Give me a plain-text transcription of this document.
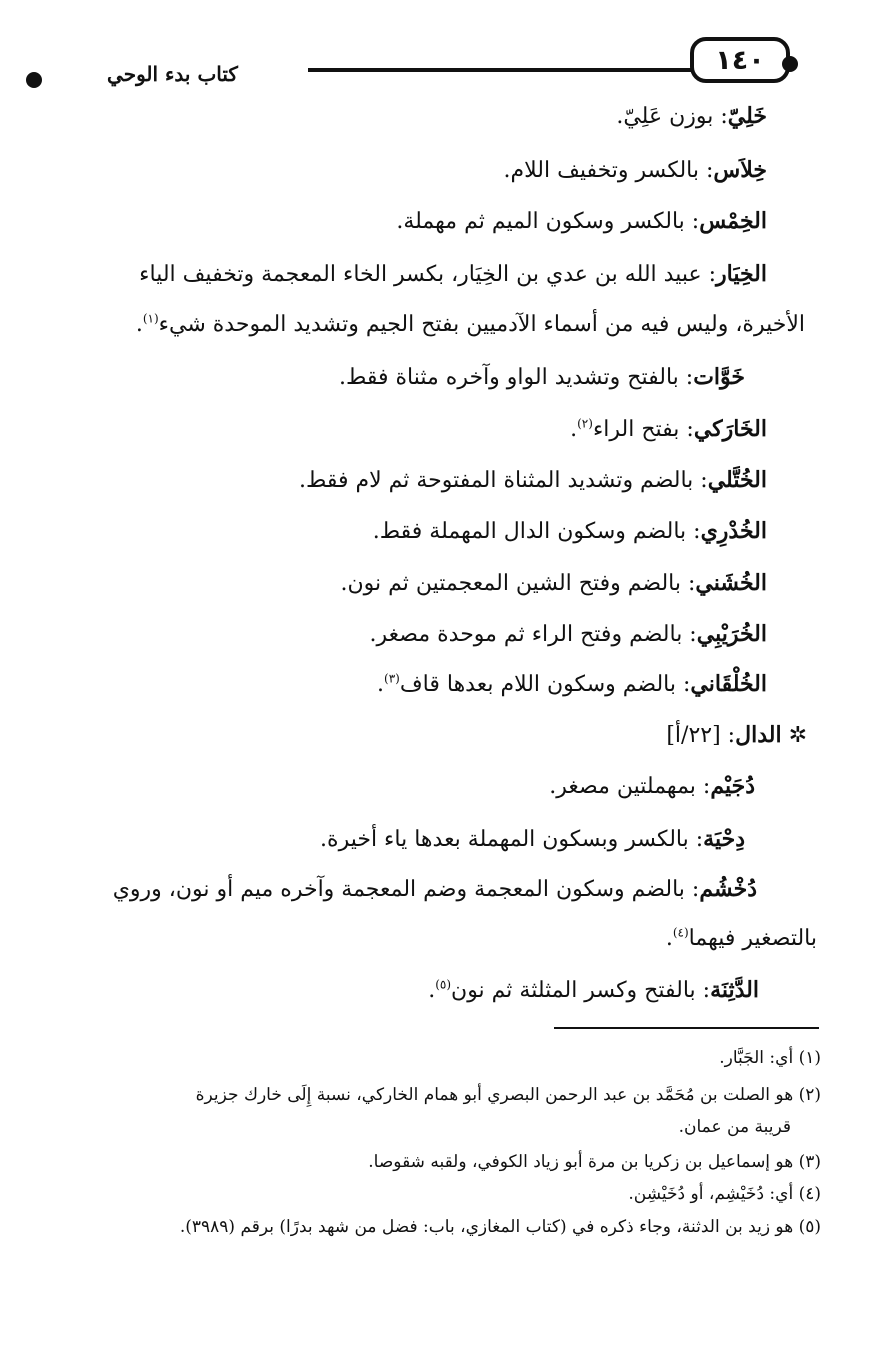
كتاب بدء الوحي	١٤٠
خَلِيّ: بوزن عَلِيّ.
خِلاَس: بالكسر وتخفيف اللام.
الخِمْس: بالكسر وسكون الميم ثم مهملة.
الخِيَار: عبيد الله بن عدي بن الخِيَار، بكسر الخاء المعجمة وتخفيف الياء
الأخيرة، وليس فيه من أسماء الآدميين بفتح الجيم وتشديد الموحدة شيء$^{(١)}$.
خَوَّات: بالفتح وتشديد الواو وآخره مثناة فقط.
الخَارَكي: بفتح الراء$^{(٢)}$.
الخُتَّلي: بالضم وتشديد المثناة المفتوحة ثم لام فقط.
الخُدْرِي: بالضم وسكون الدال المهملة فقط.
الخُشَني: بالضم وفتح الشين المعجمتين ثم نون.
الخُرَيْبِي: بالضم وفتح الراء ثم موحدة مصغر.
الخُلْقَاني: بالضم وسكون اللام بعدها قاف$^{(٣)}$.
✲ الدال: [٢٢/أ]
دُجَيْم: بمهملتين مصغر.
دِحْيَة: بالكسر وبسكون المهملة بعدها ياء أخيرة.
دُخْشُم: بالضم وسكون المعجمة وضم المعجمة وآخره ميم أو نون، وروي
بالتصغير فيهما$^{(٤)}$.
الدَّثِنَة: بالفتح وكسر المثلثة ثم نون$^{(٥)}$.
(١) أي: الجَبَّار.
(٢) هو الصلت بن مُحَمَّد بن عبد الرحمن البصري أبو همام الخاركي، نسبة إِلَى خارك جزيرة
قريبة من عمان.
(٣) هو إسماعيل بن زكريا بن مرة أبو زياد الكوفي، ولقبه شقوصا.
(٤) أي: دُخَيْشِم، أو دُخَيْشِن.
(٥) هو زيد بن الدثنة، وجاء ذكره في (كتاب المغازي، باب: فضل من شهد بدرًا) برقم (٣٩٨٩).
